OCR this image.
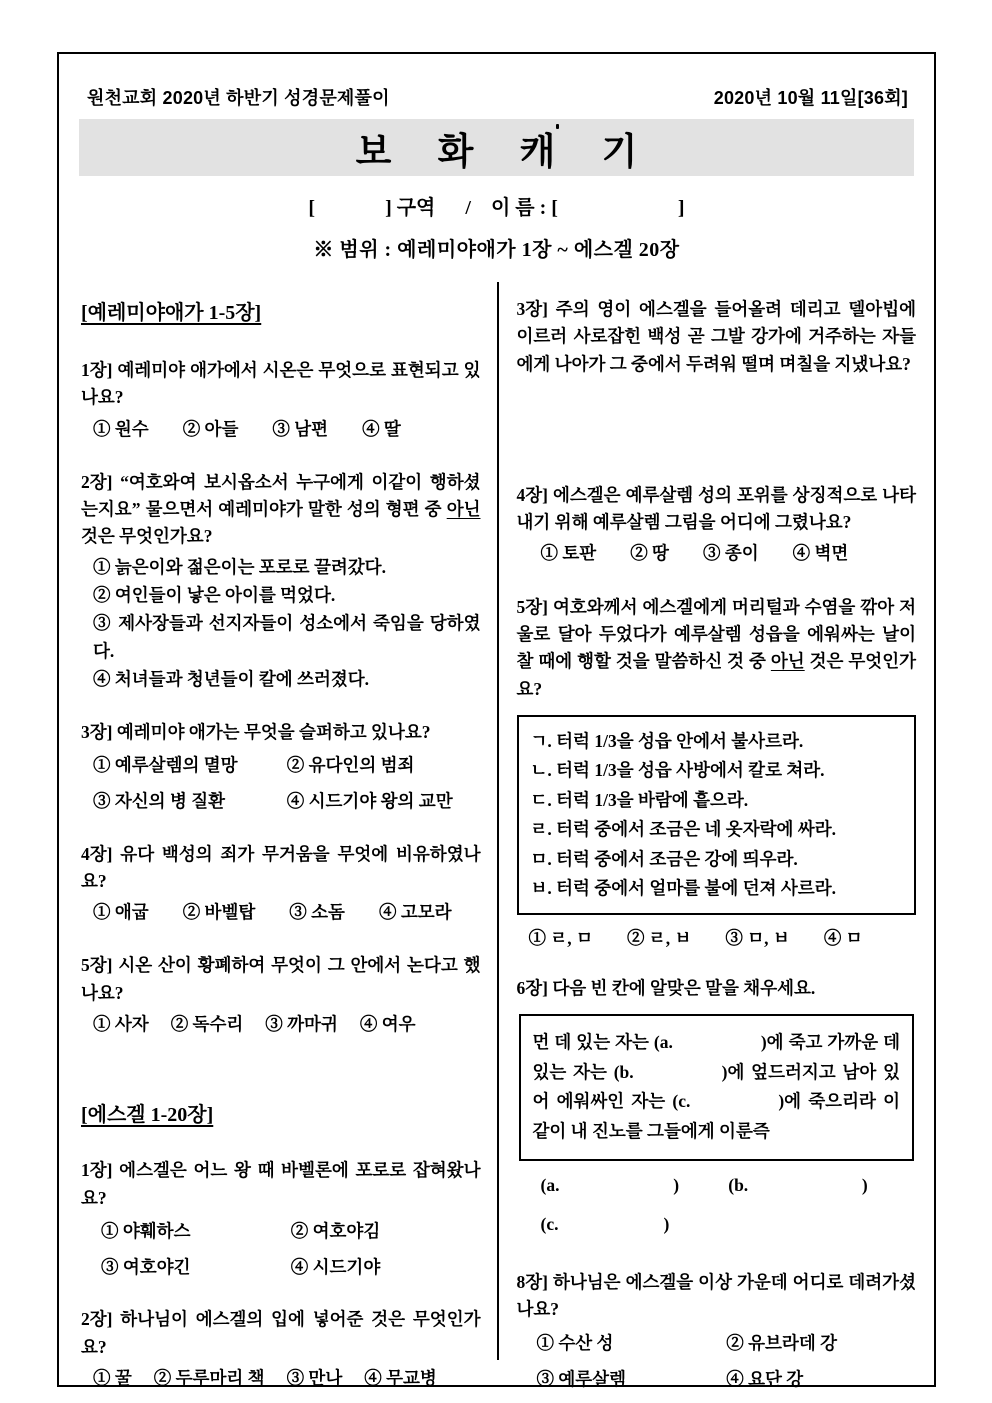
원천교회 2020년 하반기 성경문제풀이	2020년 10월 11일[36회]
보 화 캐 기
[              ] 구역      /    이 름 : [                        ]
※ 범위 : 예레미야애가 1장 ~ 에스겔 20장
[예레미야애가 1-5장]
1장] 예레미야 애가에서 시온은 무엇으로 표현되고 있나요?
① 원수 ② 아들 ③ 남편 ④ 딸
2장] “여호와여 보시옵소서 누구에게 이같이 행하셨는지요” 물으면서 예레미야가 말한 성의 형편 중 아닌 것은 무엇인가요?
① 늙은이와 젊은이는 포로로 끌려갔다.
② 여인들이 낳은 아이를 먹었다.
③ 제사장들과 선지자들이 성소에서 죽임을 당하였다.
④ 처녀들과 청년들이 칼에 쓰러졌다.
3장] 예레미야 애가는 무엇을 슬퍼하고 있나요?
① 예루살렘의 멸망	② 유다인의 범죄
③ 자신의 병 질환	④ 시드기야 왕의 교만
4장] 유다 백성의 죄가 무거움을 무엇에 비유하였나요?
① 애굽 ② 바벨탑 ③ 소돔 ④ 고모라
5장] 시온 산이 황폐하여 무엇이 그 안에서 논다고 했나요?
① 사자 ② 독수리 ③ 까마귀 ④ 여우
[에스겔 1-20장]
1장] 에스겔은 어느 왕 때 바벨론에 포로로 잡혀왔나요?
① 야훼하스	② 여호야김
③ 여호야긴	④ 시드기야
2장] 하나님이 에스겔의 입에 넣어준 것은 무엇인가요?
① 꿀 ② 두루마리 책 ③ 만나 ④ 무교병
3장] 주의 영이 에스겔을 들어올려 데리고 델아빕에 이르러 사로잡힌 백성 곧 그발 강가에 거주하는 자들에게 나아가 그 중에서 두려워 떨며 며칠을 지냈나요?
4장] 에스겔은 예루살렘 성의 포위를 상징적으로 나타내기 위해 예루살렘 그림을 어디에 그렸나요?
① 토판 ② 땅 ③ 종이 ④ 벽면
5장] 여호와께서 에스겔에게 머리털과 수염을 깎아 저울로 달아 두었다가 예루살렘 성읍을 에워싸는 날이 찰 때에 행할 것을 말씀하신 것 중 아닌 것은 무엇인가요?
ㄱ. 터럭 1/3을 성읍 안에서 불사르라.
ㄴ. 터럭 1/3을 성읍 사방에서 칼로 쳐라.
ㄷ. 터럭 1/3을 바람에 흩으라.
ㄹ. 터럭 중에서 조금은 네 옷자락에 싸라.
ㅁ. 터럭 중에서 조금은 강에 띄우라.
ㅂ. 터럭 중에서 얼마를 불에 던져 사르라.
① ㄹ, ㅁ ② ㄹ, ㅂ ③ ㅁ, ㅂ ④ ㅁ
6장] 다음 빈 칸에 알맞은 말을 채우세요.
먼 데 있는 자는 (a.	)에 죽고 가까운 데 있는 자는 (b.	)에 엎드러지고 남아 있어 에워싸인 자는 (c.	)에 죽으리라 이같이 내 진노를 그들에게 이룬즉
(a.                          )	(b.                          )
(c.                        )
8장] 하나님은 에스겔을 이상 가운데 어디로 데려가셨나요?
① 수산 성	② 유브라데 강
③ 예루살렘	④ 요단 강
